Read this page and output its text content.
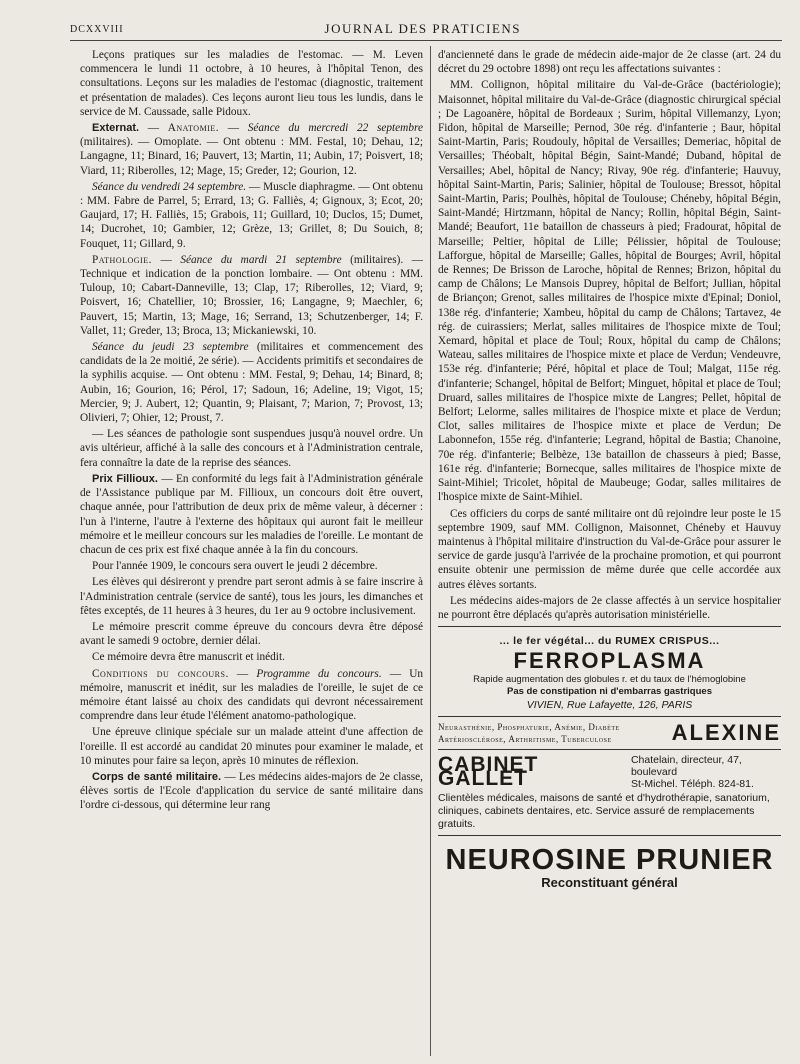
DCXXVIII	JOURNAL DES PRATICIENS

Leçons pratiques sur les maladies de l'estomac. — M. Leven commencera le lundi 11 octobre, à 10 heures, à l'hôpital Tenon, des consultations. Leçons sur les maladies de l'estomac (diagnostic, traitement et présentation de malades). Ces leçons auront lieu tous les lundis, dans le service de M. Caussade, salle Pidoux.

Externat. — Anatomie. — Séance du mercredi 22 septembre (militaires). — Omoplate. — Ont obtenu : MM. Festal, 10; Dehau, 12; Langagne, 11; Binard, 16; Pauvert, 13; Martin, 11; Aubin, 17; Poisvert, 18; Viard, 11; Riberolles, 12; Mage, 15; Greder, 12; Gourion, 12.

Séance du vendredi 24 septembre. — Muscle diaphragme. — Ont obtenu : MM. Fabre de Parrel, 5; Errard, 13; G. Falliès, 4; Gignoux, 3; Ecot, 20; Gaujard, 17; H. Falliès, 15; Grabois, 11; Guillard, 10; Duclos, 15; Dumet, 14; Ducrohet, 10; Gambier, 12; Grèze, 13; Grillet, 8; Du Souich, 8; Fouquet, 11; Gillard, 9.

Pathologie. — Séance du mardi 21 septembre (militaires). — Technique et indication de la ponction lombaire. — Ont obtenu : MM. Tuloup, 10; Cabart-Danneville, 13; Clap, 17; Riberolles, 12; Viard, 9; Poisvert, 16; Chatellier, 10; Brossier, 16; Langagne, 9; Maechler, 6; Pauvert, 15; Martin, 13; Mage, 16; Serrand, 13; Schutzenberger, 14; F. Vallet, 11; Greder, 13; Broca, 13; Mickaniewski, 10.

Séance du jeudi 23 septembre (militaires et commencement des candidats de la 2e moitié, 2e série). — Accidents primitifs et secondaires de la syphilis acquise. — Ont obtenu : MM. Festal, 9; Dehau, 14; Binard, 8; Aubin, 16; Gourion, 16; Pérol, 17; Sadoun, 16; Adeline, 19; Vigot, 15; Mercier, 9; J. Aubert, 12; Quantin, 9; Plaisant, 7; Marion, 7; Provost, 13; Olivieri, 7; Ohier, 12; Proust, 7.

— Les séances de pathologie sont suspendues jusqu'à nouvel ordre. Un avis ultérieur, affiché à la salle des concours et à l'Administration centrale, fera connaître la date de la reprise des séances.

Prix Fillioux. — En conformité du legs fait à l'Administration générale de l'Assistance publique par M. Fillioux, un concours doit être ouvert, chaque année, pour l'attribution de deux prix de même valeur, à décerner : l'un à l'interne, l'autre à l'externe des hôpitaux qui auront fait le meilleur mémoire et le meilleur concours sur les maladies de l'oreille. Le montant de chacun de ces prix est fixé chaque année à la fin du concours.

Pour l'année 1909, le concours sera ouvert le jeudi 2 décembre.

Les élèves qui désireront y prendre part seront admis à se faire inscrire à l'Administration centrale (service de santé), tous les jours, les dimanches et fêtes exceptés, de 11 heures à 3 heures, du 1er au 9 octobre inclusivement.

Le mémoire prescrit comme épreuve du concours devra être déposé avant le samedi 9 octobre, dernier délai.

Ce mémoire devra être manuscrit et inédit.

Conditions du concours. — Programme du concours. — Un mémoire, manuscrit et inédit, sur les maladies de l'oreille, le sujet de ce mémoire étant laissé au choix des candidats qui devront nécessairement comprendre dans leur étude l'élément anatomo-pathologique.

Une épreuve clinique spéciale sur un malade atteint d'une affection de l'oreille. Il est accordé au candidat 20 minutes pour examiner le malade, et 10 minutes pour faire sa leçon, après 10 minutes de réflexion.

Corps de santé militaire. — Les médecins aides-majors de 2e classe, élèves sortis de l'Ecole d'application du service de santé militaire dans l'ordre ci-dessous, qui détermine leur rang

d'ancienneté dans le grade de médecin aide-major de 2e classe (art. 24 du décret du 29 octobre 1898) ont reçu les affectations suivantes :

MM. Collignon, hôpital militaire du Val-de-Grâce (bactériologie); Maisonnet, hôpital militaire du Val-de-Grâce (diagnostic chirurgical spécial ; De Lagoanère, hôpital de Bordeaux ; Surim, hôpital Villemanzy, Lyon; Fidon, hôpital de Marseille; Pernod, 30e rég. d'infanterie ; Baur, hôpital Saint-Martin, Paris; Roudouly, hôpital de Versailles; Demeriac, hôpital de Versailles; Théobalt, hôpital Bégin, Saint-Mandé; Duband, hôpital de Versailles; Abel, hôpital de Nancy; Rivay, 90e rég. d'infanterie; Hauvuy, hôpital Saint-Martin, Paris; Salinier, hôpital de Toulouse; Bressot, hôpital Saint-Martin, Paris; Poulhès, hôpital de Toulouse; Chéneby, hôpital Bégin, Saint-Mandé; Hirtzmann, hôpital de Nancy; Rollin, hôpital Bégin, Saint-Mandé; Beaufort, 11e bataillon de chasseurs à pied; Fradourat, hôpital de Marseille; Peltier, hôpital de Lille; Pélissier, hôpital de Toulouse; Lafforgue, hôpital de Marseille; Galles, hôpital de Bourges; Avril, hôpital de Rennes; De Brisson de Laroche, hôpital de Rennes; Brizon, hôpital du camp de Châlons; Le Mansois Duprey, hôpital de Belfort; Jullian, hôpital de Briançon; Grenot, salles militaires de l'hospice mixte d'Epinal; Doniol, 138e rég. d'infanterie; Xambeu, hôpital du camp de Châlons; Tartavez, 4e rég. de cuirassiers; Merlat, salles militaires de l'hospice mixte de Toul; Xemard, hôpital et place de Toul; Roux, hôpital du camp de Châlons; Wateau, salles militaires de l'hospice mixte et place de Verdun; Vendeuvre, 153e rég. d'infanterie; Péré, hôpital et place de Toul; Malgat, 115e rég. d'infanterie; Schangel, hôpital de Belfort; Minguet, hôpital et place de Toul; Druard, salles militaires de l'hospice mixte de Langres; Pellet, hôpital de Belfort; Lelorme, salles militaires de l'hospice mixte et place de Verdun; Clot, salles militaires de l'hospice mixte et place de Verdun; De Labonnefon, 155e rég. d'infanterie; Legrand, hôpital de Bastia; Chanoine, 70e rég. d'infanterie; Belbèze, 13e bataillon de chasseurs à pied; Basse, 161e rég. d'infanterie; Bornecque, salles militaires de l'hospice mixte de Saint-Mihiel; Tricolet, hôpital de Maubeuge; Godar, salles militaires de l'hospice mixte de Saint-Mihiel.

Ces officiers du corps de santé militaire ont dû rejoindre leur poste le 15 septembre 1909, sauf MM. Collignon, Maisonnet, Chéneby et Hauvuy maintenus à l'hôpital militaire d'instruction du Val-de-Grâce pour assurer le service de garde jusqu'à l'arrivée de la prochaine promotion, et qui pourront ensuite obtenir une permission de même durée que celle accordée aux autres élèves sortants.

Les médecins aides-majors de 2e classe affectés à un service hospitalier ne pourront être déplacés qu'après autorisation ministérielle.

... le fer végétal... du RUMEX CRISPUS...
FERROPLASMA
Rapide augmentation des globules r. et du taux de l'hémoglobine
Pas de constipation ni d'embarras gastriques
VIVIEN, Rue Lafayette, 126, PARIS
Neurasthénie, Phosphaturie, Anémie, Diabète
Artériosclérose, Arthritisme, Tuberculose	ALEXINE
CABINET GALLET
Chatelain, directeur, 47, boulevard
St-Michel. Téléph. 824-81.
Clientèles médicales, maisons de santé et d'hydrothérapie, sanatorium, cliniques, cabinets dentaires, etc. Service assuré de remplacements gratuits.
NEUROSINE PRUNIER
Reconstituant général
